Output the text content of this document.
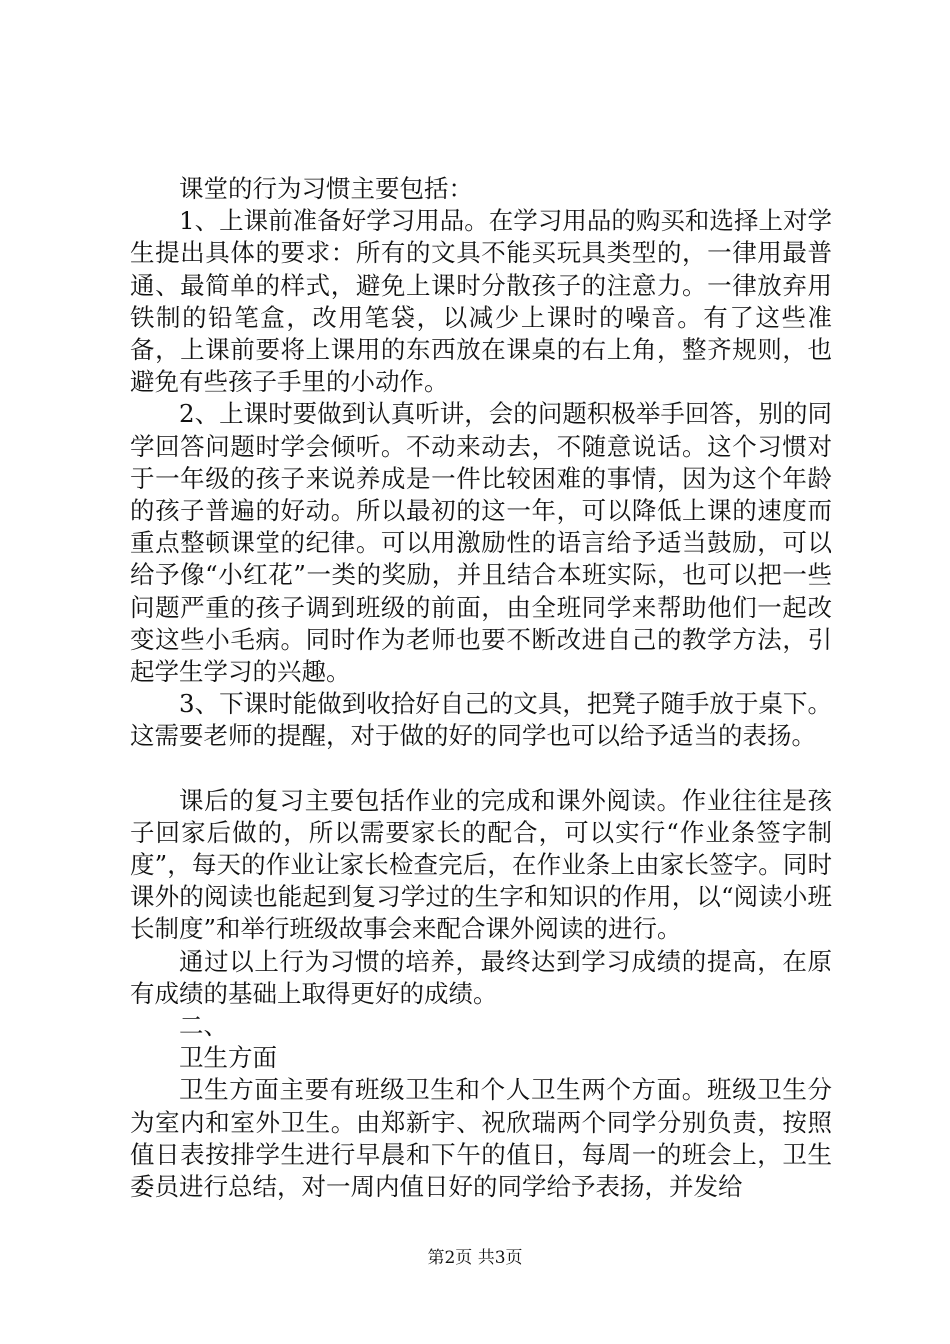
课堂的行为习惯主要包括：

1、上课前准备好学习用品。在学习用品的购买和选择上对学生提出具体的要求：所有的文具不能买玩具类型的，一律用最普通、最简单的样式，避免上课时分散孩子的注意力。一律放弃用铁制的铅笔盒，改用笔袋，以减少上课时的噪音。有了这些准备，上课前要将上课用的东西放在课桌的右上角，整齐规则，也避免有些孩子手里的小动作。

2、上课时要做到认真听讲，会的问题积极举手回答，别的同学回答问题时学会倾听。不动来动去，不随意说话。这个习惯对于一年级的孩子来说养成是一件比较困难的事情，因为这个年龄的孩子普遍的好动。所以最初的这一年，可以降低上课的速度而重点整顿课堂的纪律。可以用激励性的语言给予适当鼓励，可以给予像“小红花”一类的奖励，并且结合本班实际，也可以把一些问题严重的孩子调到班级的前面，由全班同学来帮助他们一起改变这些小毛病。同时作为老师也要不断改进自己的教学方法，引起学生学习的兴趣。

3、下课时能做到收拾好自己的文具，把凳子随手放于桌下。这需要老师的提醒，对于做的好的同学也可以给予适当的表扬。

课后的复习主要包括作业的完成和课外阅读。作业往往是孩子回家后做的，所以需要家长的配合，可以实行“作业条签字制度”，每天的作业让家长检查完后，在作业条上由家长签字。同时课外的阅读也能起到复习学过的生字和知识的作用，以“阅读小班长制度”和举行班级故事会来配合课外阅读的进行。

通过以上行为习惯的培养，最终达到学习成绩的提高，在原有成绩的基础上取得更好的成绩。

二、

卫生方面

卫生方面主要有班级卫生和个人卫生两个方面。班级卫生分为室内和室外卫生。由郑新宇、祝欣瑞两个同学分别负责，按照值日表按排学生进行早晨和下午的值日，每周一的班会上，卫生委员进行总结，对一周内值日好的同学给予表扬，并发给

第2页 共3页
